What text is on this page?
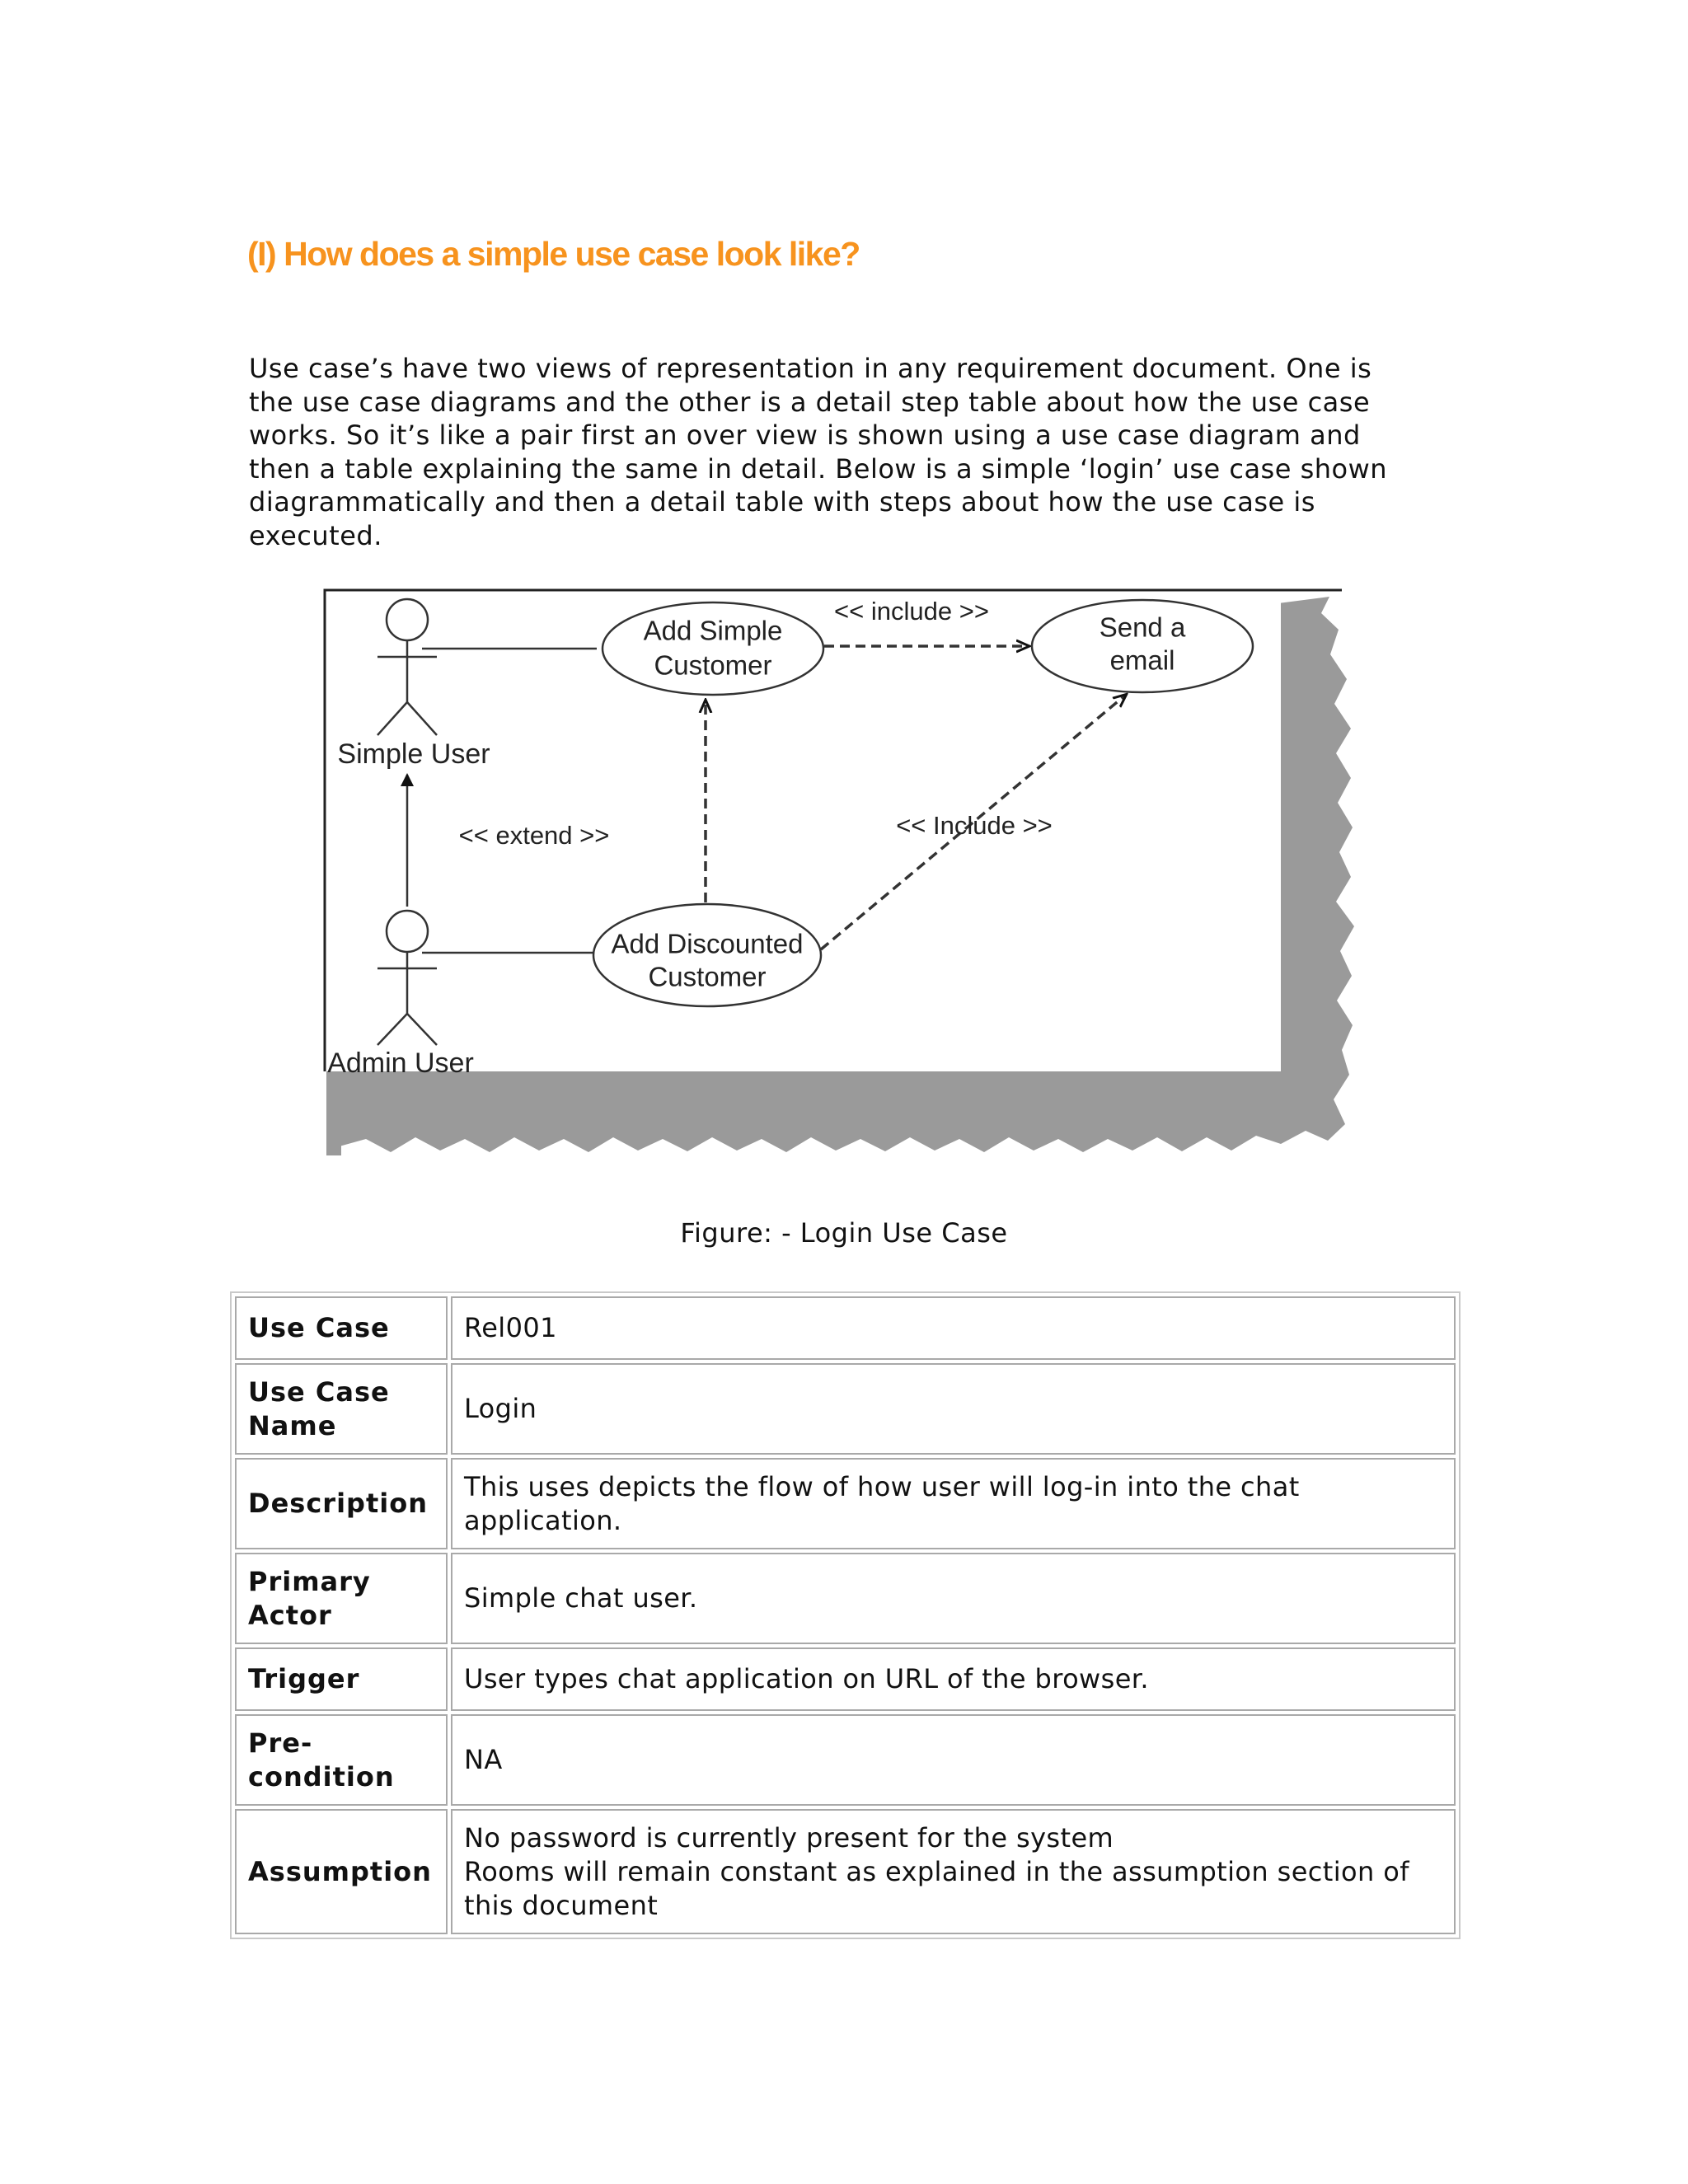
(I) How does a simple use case look like?

Use case’s have two views of representation in any requirement document. One is the use case diagrams and the other is a detail step table about how the use case works. So it’s like a pair first an over view is shown using a use case diagram and then a table explaining the same in detail. Below is a simple ‘login’ use case shown diagrammatically and then a detail table with steps about how the use case is executed.

Simple User
Admin User
Add Simple
Customer
Send a
email
Add Discounted
Customer
<< include >>
<< extend >>	<< Include >>
Figure: - Login Use Case
Use Case	Rel001
Use Case Name	Login
Description	This uses depicts the flow of how user will log-in into the chat application.
Primary Actor	Simple chat user.
Trigger	User types chat application on URL of the browser.
Pre-condition	NA
Assumption	No password is currently present for the system
Rooms will remain constant as explained in the assumption section of this document
